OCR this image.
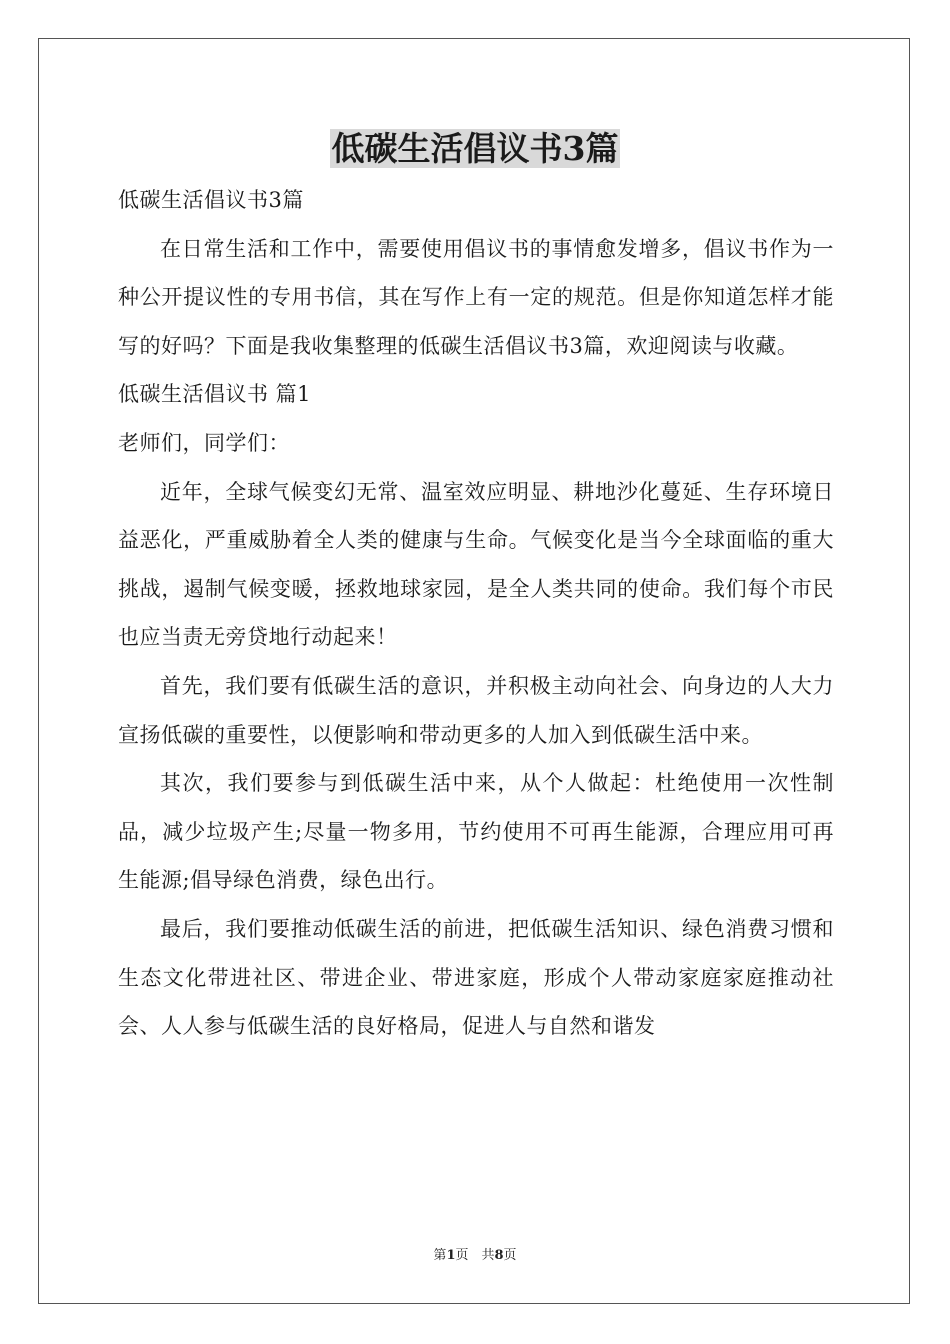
低碳生活倡议书3篇

低碳生活倡议书3篇

在日常生活和工作中，需要使用倡议书的事情愈发增多，倡议书作为一种公开提议性的专用书信，其在写作上有一定的规范。但是你知道怎样才能写的好吗？下面是我收集整理的低碳生活倡议书3篇，欢迎阅读与收藏。

低碳生活倡议书 篇1

老师们，同学们：

近年，全球气候变幻无常、温室效应明显、耕地沙化蔓延、生存环境日益恶化，严重威胁着全人类的健康与生命。气候变化是当今全球面临的重大挑战，遏制气候变暖，拯救地球家园，是全人类共同的使命。我们每个市民也应当责无旁贷地行动起来！

首先，我们要有低碳生活的意识，并积极主动向社会、向身边的人大力宣扬低碳的重要性，以便影响和带动更多的人加入到低碳生活中来。

其次，我们要参与到低碳生活中来，从个人做起：杜绝使用一次性制品，减少垃圾产生;尽量一物多用，节约使用不可再生能源，合理应用可再生能源;倡导绿色消费，绿色出行。

最后，我们要推动低碳生活的前进，把低碳生活知识、绿色消费习惯和生态文化带进社区、带进企业、带进家庭，形成个人带动家庭家庭推动社会、人人参与低碳生活的良好格局，促进人与自然和谐发

第1页　共8页
